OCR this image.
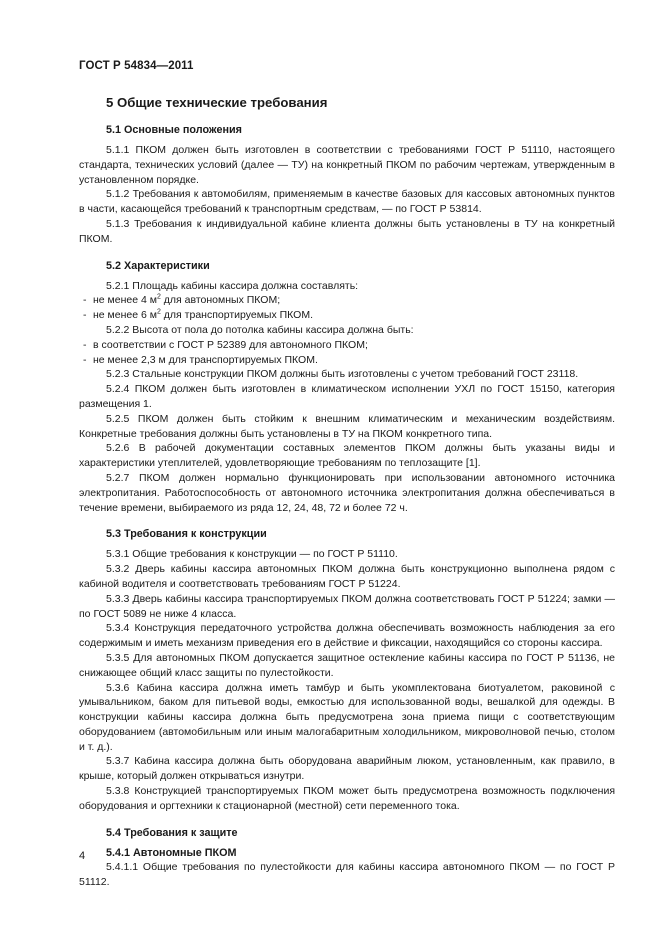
ГОСТ Р 54834—2011
5 Общие технические требования
5.1 Основные положения

5.1.1 ПКОМ должен быть изготовлен в соответствии с требованиями ГОСТ Р 51110, настоящего стандарта, технических условий (далее — ТУ) на конкретный ПКОМ по рабочим чертежам, утвержденным в установленном порядке.

5.1.2 Требования к автомобилям, применяемым в качестве базовых для кассовых автономных пунктов в части, касающейся требований к транспортным средствам, — по ГОСТ Р 53814.

5.1.3 Требования к индивидуальной кабине клиента должны быть установлены в ТУ на конкретный ПКОМ.

5.2 Характеристики

5.2.1 Площадь кабины кассира должна составлять:

- не менее 4 $м^2$ для автономных ПКОМ;

- не менее 6 $м^2$ для транспортируемых ПКОМ.

5.2.2 Высота от пола до потолка кабины кассира должна быть:

- в соответствии с ГОСТ Р 52389 для автономного ПКОМ;

- не менее 2,3 м для транспортируемых ПКОМ.

5.2.3 Стальные конструкции ПКОМ должны быть изготовлены с учетом требований ГОСТ 23118.

5.2.4 ПКОМ должен быть изготовлен в климатическом исполнении УХЛ по ГОСТ 15150, категория размещения 1.

5.2.5 ПКОМ должен быть стойким к внешним климатическим и механическим воздействиям. Конкретные требования должны быть установлены в ТУ на ПКОМ конкретного типа.

5.2.6 В рабочей документации составных элементов ПКОМ должны быть указаны виды и характеристики утеплителей, удовлетворяющие требованиям по теплозащите [1].

5.2.7 ПКОМ должен нормально функционировать при использовании автономного источника электропитания. Работоспособность от автономного источника электропитания должна обеспечиваться в течение времени, выбираемого из ряда 12, 24, 48, 72 и более 72 ч.

5.3 Требования к конструкции

5.3.1 Общие требования к конструкции — по ГОСТ Р 51110.

5.3.2 Дверь кабины кассира автономных ПКОМ должна быть конструкционно выполнена рядом с кабиной водителя и соответствовать требованиям ГОСТ Р 51224.

5.3.3 Дверь кабины кассира транспортируемых ПКОМ должна соответствовать ГОСТ Р 51224; замки — по ГОСТ 5089 не ниже 4 класса.

5.3.4 Конструкция передаточного устройства должна обеспечивать возможность наблюдения за его содержимым и иметь механизм приведения его в действие и фиксации, находящийся со стороны кассира.

5.3.5 Для автономных ПКОМ допускается защитное остекление кабины кассира по ГОСТ Р 51136, не снижающее общий класс защиты по пулестойкости.

5.3.6 Кабина кассира должна иметь тамбур и быть укомплектована биотуалетом, раковиной с умывальником, баком для питьевой воды, емкостью для использованной воды, вешалкой для одежды. В конструкции кабины кассира должна быть предусмотрена зона приема пищи с соответствующим оборудованием (автомобильным или иным малогабаритным холодильником, микроволновой печью, столом и т. д.).

5.3.7 Кабина кассира должна быть оборудована аварийным люком, установленным, как правило, в крыше, который должен открываться изнутри.

5.3.8 Конструкцией транспортируемых ПКОМ может быть предусмотрена возможность подключения оборудования и оргтехники к стационарной (местной) сети переменного тока.

5.4 Требования к защите
5.4.1 Автономные ПКОМ

5.4.1.1 Общие требования по пулестойкости для кабины кассира автономного ПКОМ — по ГОСТ Р 51112.

4
